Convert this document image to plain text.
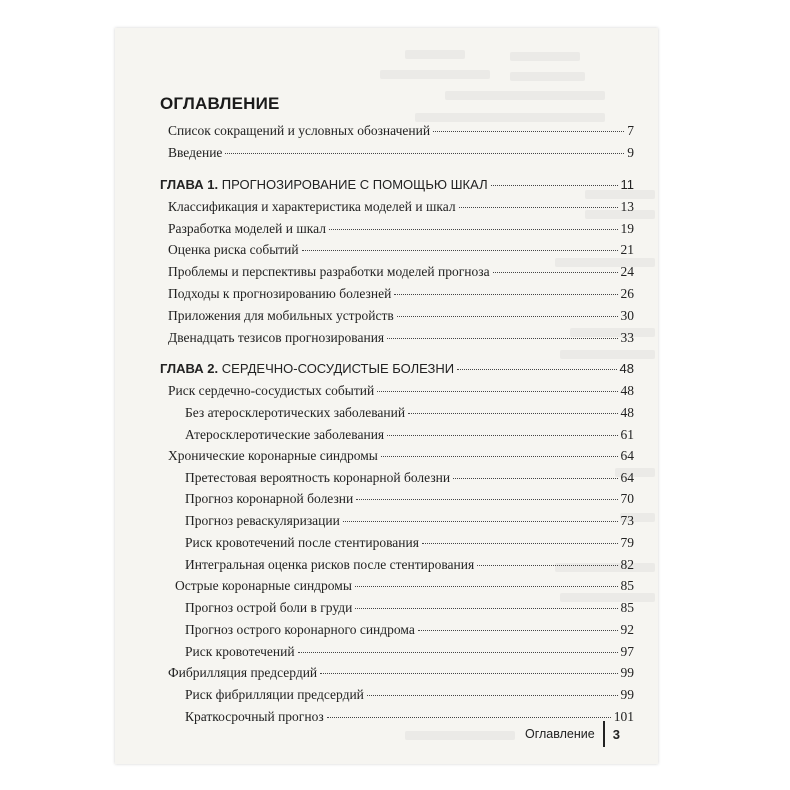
ОГЛАВЛЕНИЕ
Список сокращений и условных обозначений	7
Введение	9
ГЛАВА 1. ПРОГНОЗИРОВАНИЕ С ПОМОЩЬЮ ШКАЛ	11
Классификация и характеристика моделей и шкал	13
Разработка моделей и шкал	19
Оценка риска событий	21
Проблемы и перспективы разработки моделей прогноза	24
Подходы к прогнозированию болезней	26
Приложения для мобильных устройств	30
Двенадцать тезисов прогнозирования	33
ГЛАВА 2. СЕРДЕЧНО-СОСУДИСТЫЕ БОЛЕЗНИ	48
Риск сердечно-сосудистых событий	48
Без атеросклеротических заболеваний	48
Атеросклеротические заболевания	61
Хронические коронарные синдромы	64
Претестовая вероятность коронарной болезни	64
Прогноз коронарной болезни	70
Прогноз реваскуляризации	73
Риск кровотечений после стентирования	79
Интегральная оценка рисков после стентирования	82
Острые коронарные синдромы	85
Прогноз острой боли в груди	85
Прогноз острого коронарного синдрома	92
Риск кровотечений	97
Фибрилляция предсердий	99
Риск фибрилляции предсердий	99
Краткосрочный прогноз	101
Оглавление	3
